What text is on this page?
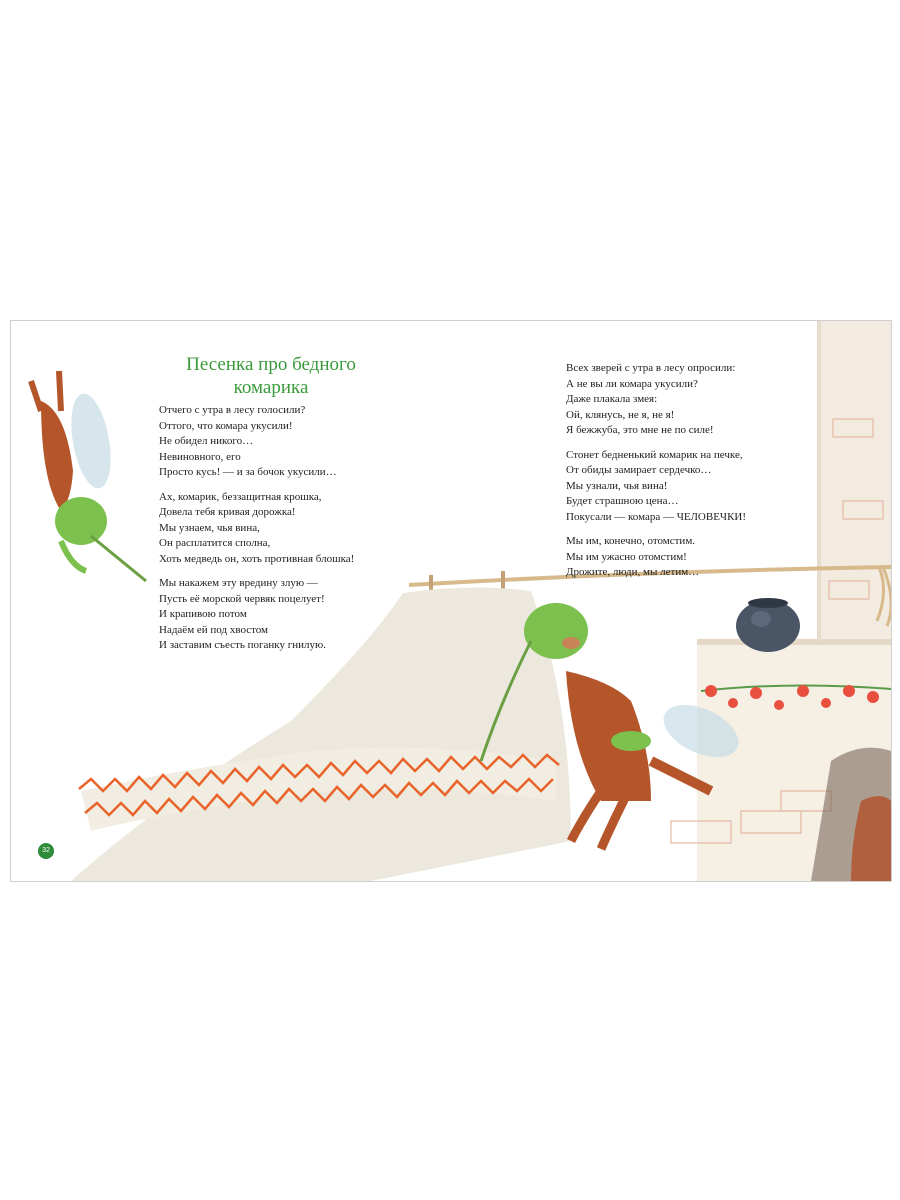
Песенка про бедного
комарика
Отчего с утра в лесу голосили?
Оттого, что комара укусили!
Не обидел никого…
Невиновного, его
Просто кусь! — и за бочок укусили…
Ах, комарик, беззащитная крошка,
Довела тебя кривая дорожка!
Мы узнаем, чья вина,
Он расплатится сполна,
Хоть медведь он, хоть противная блошка!
Мы накажем эту вредину злую —
Пусть её морской червяк поцелует!
И крапивою потом
Надаём ей под хвостом
И заставим съесть поганку гнилую.
Всех зверей с утра в лесу опросили:
А не вы ли комара укусили?
Даже плакала змея:
Ой, клянусь, не я, не я!
Я бежжуба, это мне не по силе!
Стонет бедненький комарик на печке,
От обиды замирает сердечко…
Мы узнали, чья вина!
Будет страшною цена…
Покусали — комара — ЧЕЛОВЕЧКИ!
Мы им, конечно, отомстим.
Мы им ужасно отомстим!
Дрожите, люди, мы летим…
32
